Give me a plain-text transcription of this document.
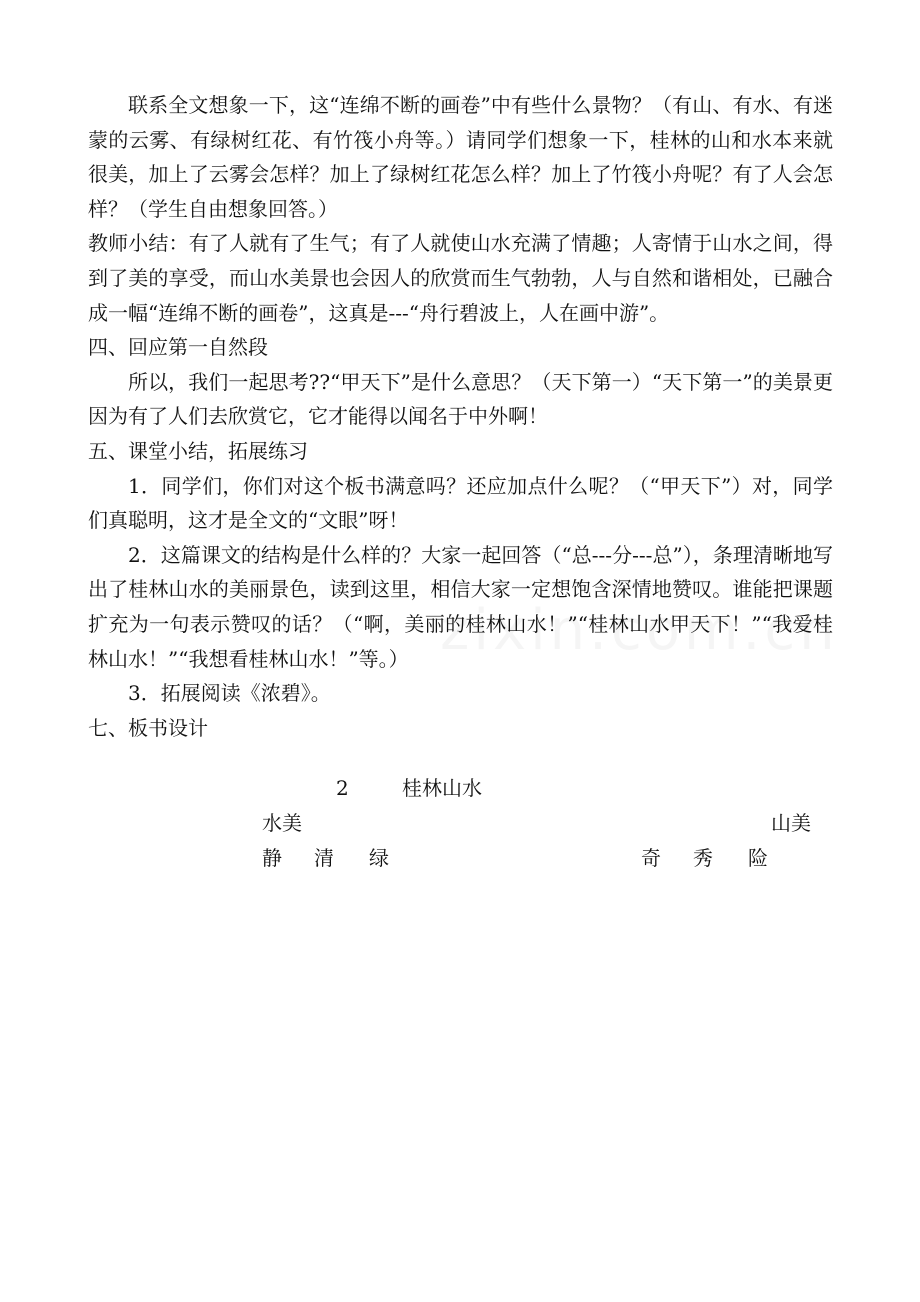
联系全文想象一下，这“连绵不断的画卷”中有些什么景物？（有山、有水、有迷蒙的云雾、有绿树红花、有竹筏小舟等。）请同学们想象一下，桂林的山和水本来就很美，加上了云雾会怎样？加上了绿树红花怎么样？加上了竹筏小舟呢？有了人会怎样？（学生自由想象回答。）

教师小结：有了人就有了生气；有了人就使山水充满了情趣；人寄情于山水之间，得到了美的享受，而山水美景也会因人的欣赏而生气勃勃，人与自然和谐相处，已融合成一幅“连绵不断的画卷”，这真是---“舟行碧波上，人在画中游”。

四、回应第一自然段

所以，我们一起思考??“甲天下”是什么意思？（天下第一）“天下第一”的美景更因为有了人们去欣赏它，它才能得以闻名于中外啊！

五、课堂小结，拓展练习

1．同学们，你们对这个板书满意吗？还应加点什么呢？（“甲天下”）对，同学们真聪明，这才是全文的“文眼”呀！

2．这篇课文的结构是什么样的？大家一起回答（“总---分---总”），条理清晰地写出了桂林山水的美丽景色，读到这里，相信大家一定想饱含深情地赞叹。谁能把课题扩充为一句表示赞叹的话？（“啊，美丽的桂林山水！”“桂林山水甲天下！”“我爱桂林山水！”“我想看桂林山水！”等。）

3．拓展阅读《浓碧》。

七、板书设计

2	桂林山水
水美	山美
静 清 绿	奇 秀 险
